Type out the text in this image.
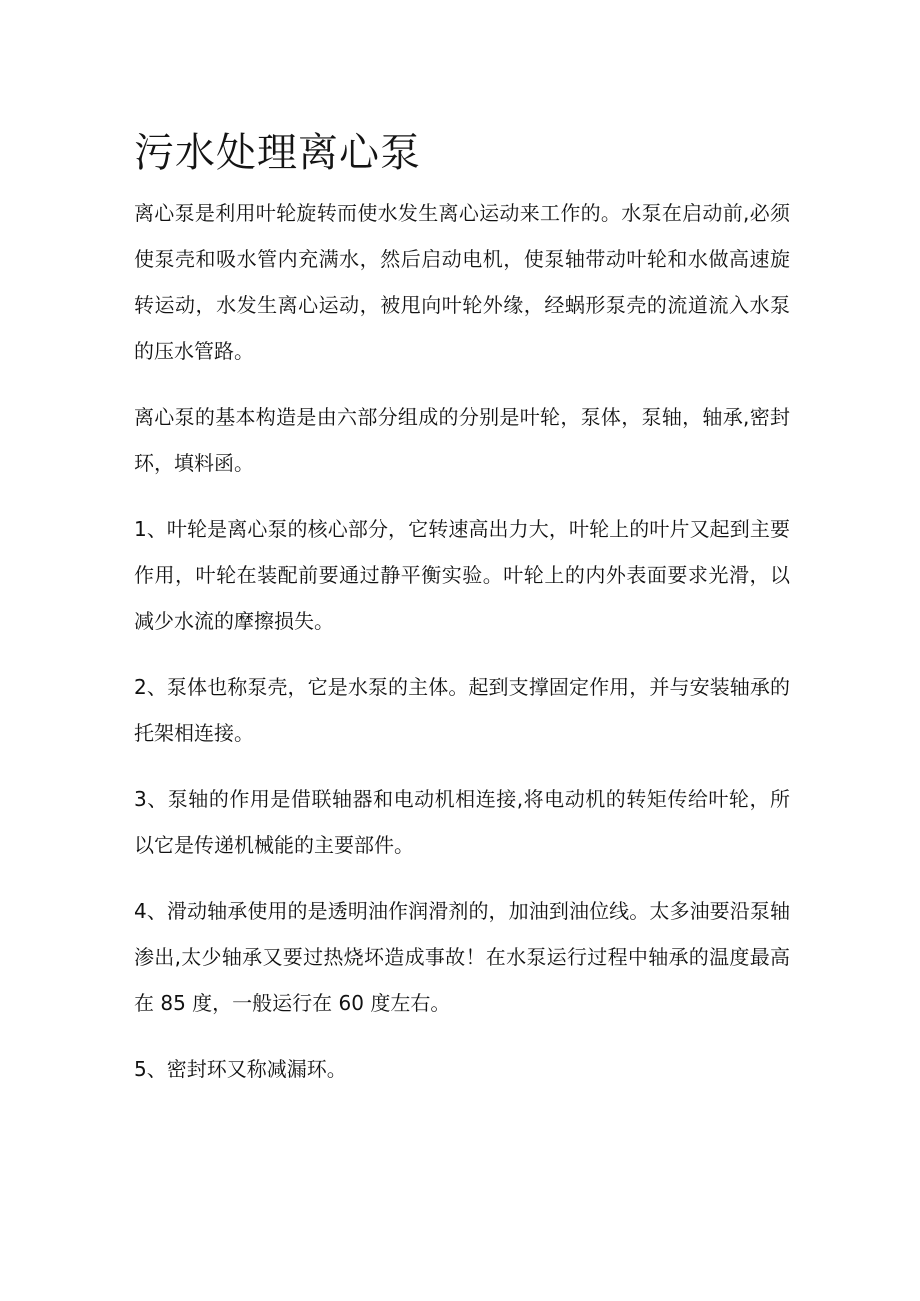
污水处理离心泵

离心泵是利用叶轮旋转而使水发生离心运动来工作的。水泵在启动前,必须使泵壳和吸水管内充满水，然后启动电机，使泵轴带动叶轮和水做高速旋转运动，水发生离心运动，被甩向叶轮外缘，经蜗形泵壳的流道流入水泵的压水管路。

离心泵的基本构造是由六部分组成的分别是叶轮，泵体，泵轴，轴承,密封环，填料函。

1、叶轮是离心泵的核心部分，它转速高出力大，叶轮上的叶片又起到主要作用，叶轮在装配前要通过静平衡实验。叶轮上的内外表面要求光滑，以减少水流的摩擦损失。

2、泵体也称泵壳，它是水泵的主体。起到支撑固定作用，并与安装轴承的托架相连接。

3、泵轴的作用是借联轴器和电动机相连接,将电动机的转矩传给叶轮，所以它是传递机械能的主要部件。

4、滑动轴承使用的是透明油作润滑剂的，加油到油位线。太多油要沿泵轴渗出,太少轴承又要过热烧坏造成事故！在水泵运行过程中轴承的温度最高在 85 度，一般运行在 60 度左右。

5、密封环又称减漏环。
